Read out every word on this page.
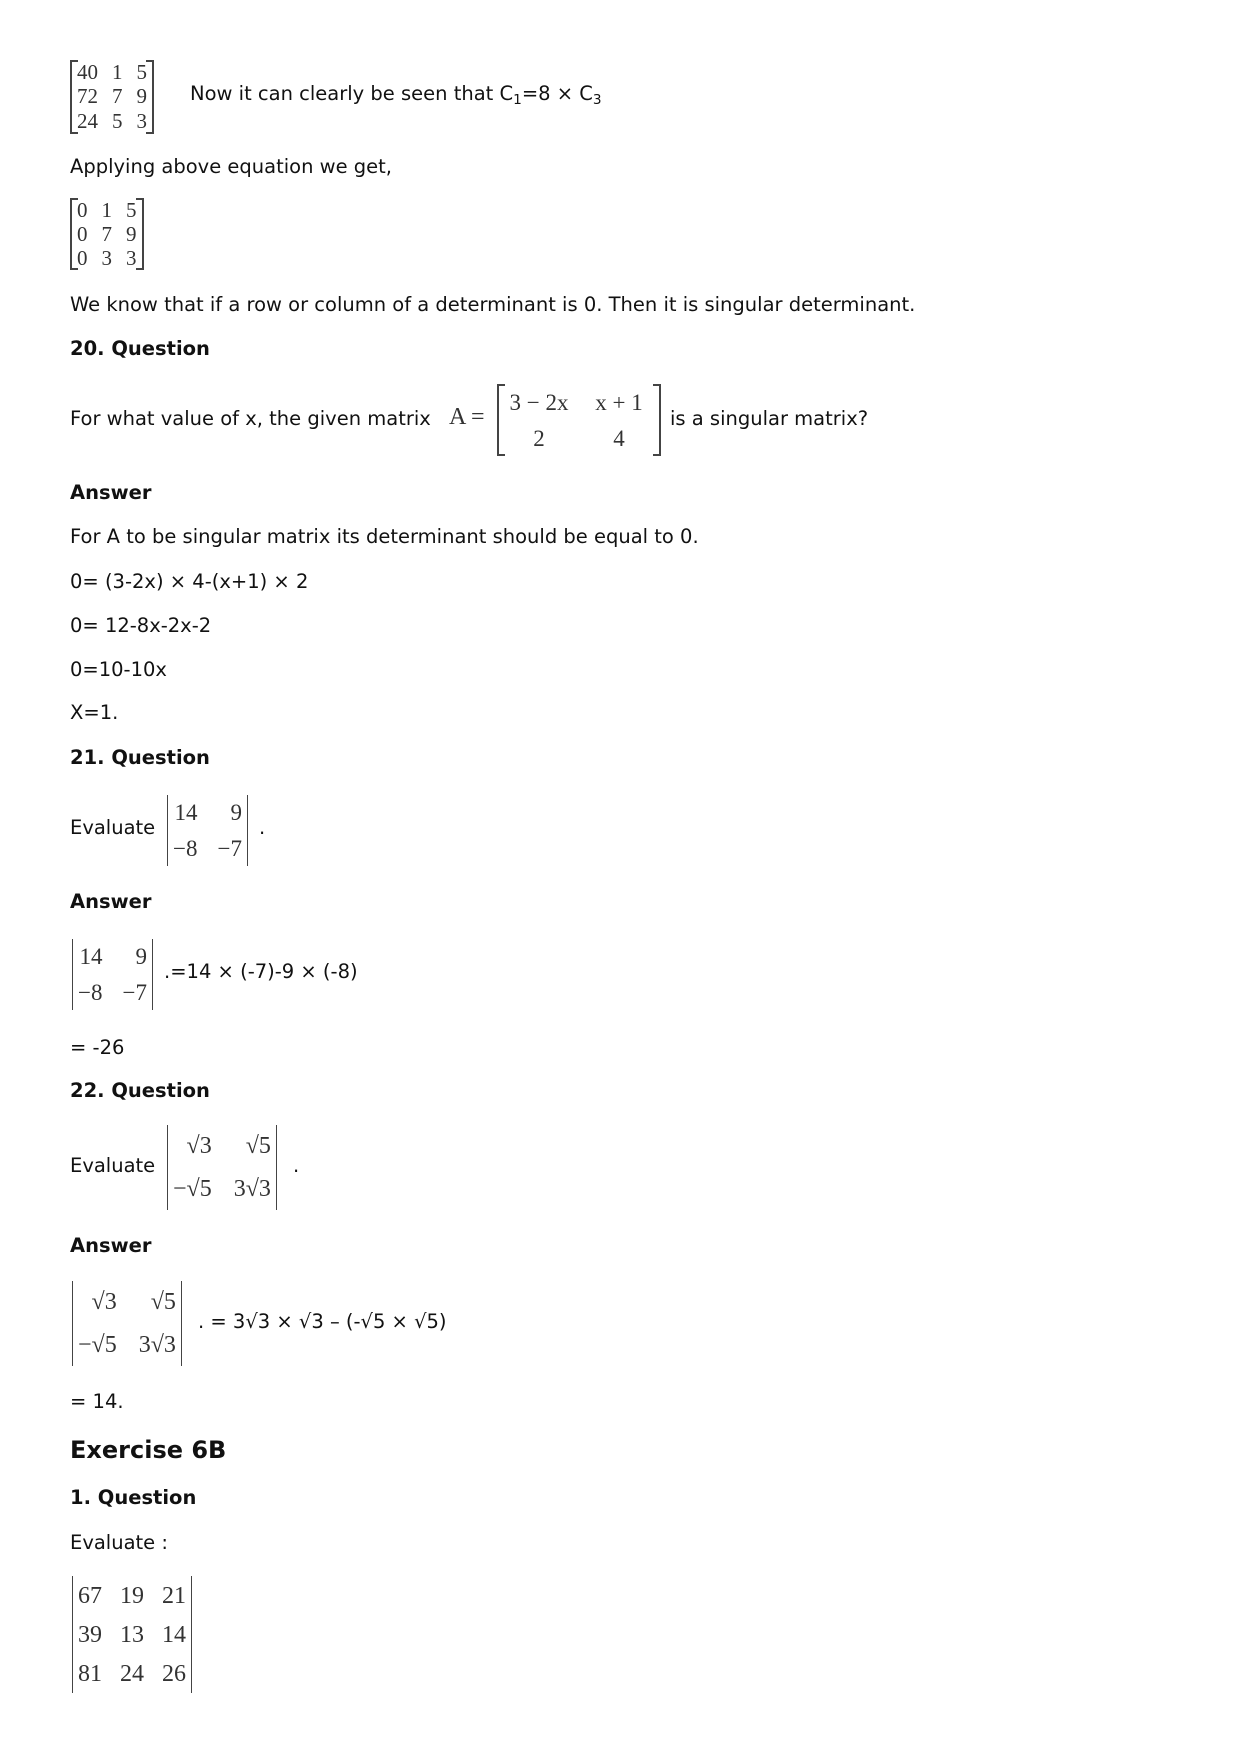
40 1 5
72 7 9
24 5 3
Now it can clearly be seen that $C_1=8 \times C_3$
Applying above equation we get,
0 1 5
0 7 9
0 3 3
We know that if a row or column of a determinant is 0. Then it is singular determinant.
20. Question
For what value of x, the given matrix A =
3 − 2x x + 1
2	4
is a singular matrix?
Answer
For A to be singular matrix its determinant should be equal to 0.
0= (3-2x) × 4-(x+1) × 2
0= 12-8x-2x-2
0=10-10x
X=1.
21. Question
Evaluate
14 9
−8 −7
.
Answer
14 9
−8 −7
.=14 × (-7)-9 × (-8)
= -26
22. Question
Evaluate
√3 √5
−√5 3√3
.
Answer
√3 √5
−√5 3√3
. = 3√3 × √3 – (-√5 × √5)
= 14.
Exercise 6B
1. Question
Evaluate :
67 19 21
39 13 14
81 24 26
